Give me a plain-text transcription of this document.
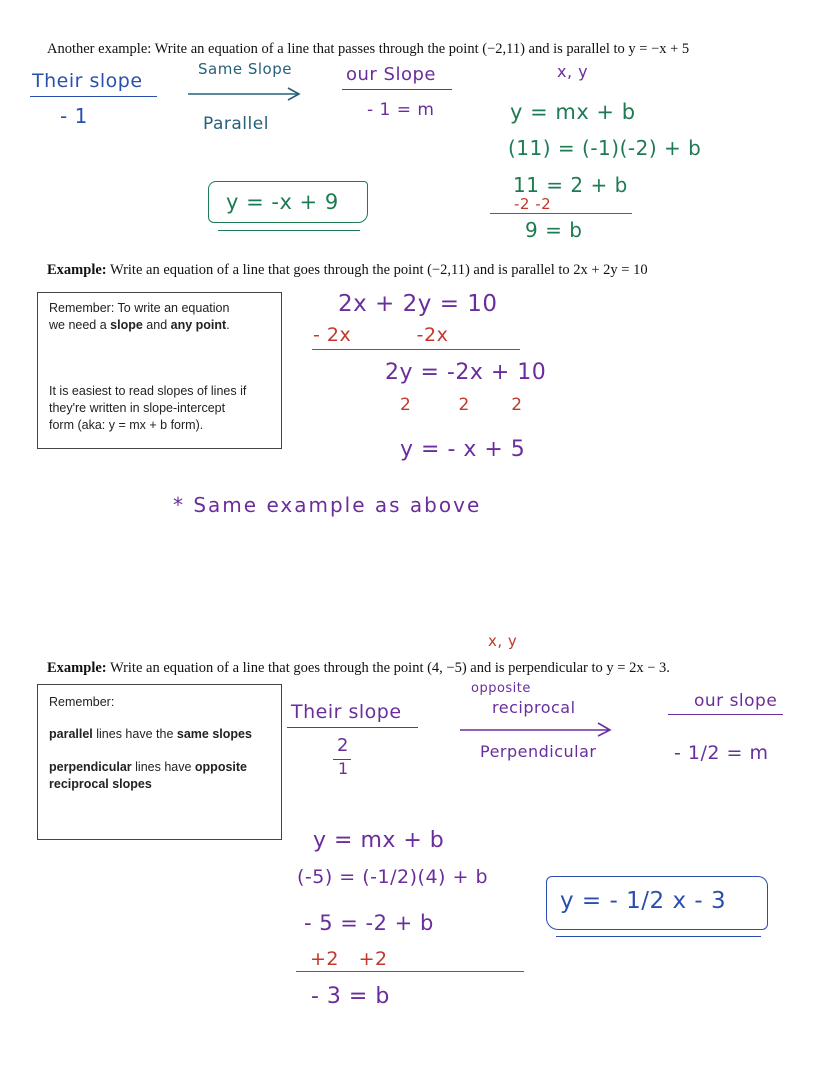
Another example: Write an equation of a line that passes through the point (−2,11) and is parallel to y = −x + 5
Their slope
- 1
Same Slope
Parallel
our Slope
- 1 = m
x, y
y = mx + b
(11) = (-1)(-2) + b
11 = 2 + b
-2 -2
9 = b
y = -x + 9
Example: Write an equation of a line that goes through the point (−2,11) and is parallel to 2x + 2y = 10
Remember: To write an equation
we need a slope and any point.
It is easiest to read slopes of lines if
they're written in slope-intercept
form (aka: y = mx + b form).
2x + 2y = 10
- 2x          -2x
2y = -2x + 10
2        2       2
y = - x + 5
* Same example as above
x, y
Example: Write an equation of a line that goes through the point (4, −5) and is perpendicular to y = 2x − 3.
Remember:
parallel lines have the same slopes
perpendicular lines have opposite
reciprocal slopes
Their slope
2
1
opposite
reciprocal
Perpendicular
our slope
- 1/2 = m
y = mx + b
(-5) = (-1/2)(4) + b
- 5 = -2 + b
+2   +2
- 3 = b
y = - 1/2 x - 3
